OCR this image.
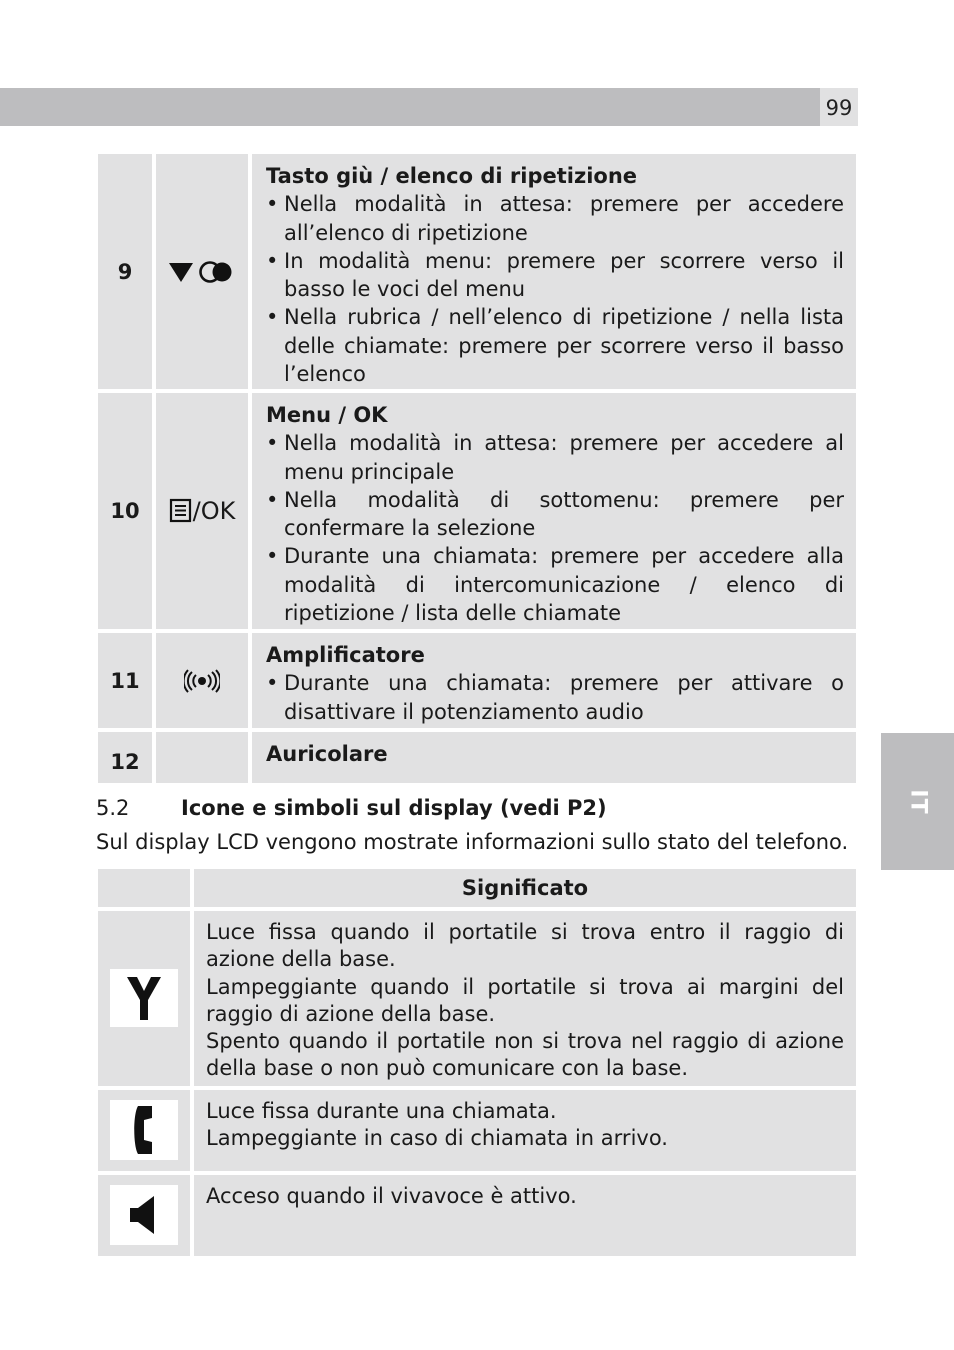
99
IT
9
Tasto giù / elenco di ripetizione
• Nella modalità in attesa: premere per accedere all’elenco di ripetizione
• In modalità menu: premere per scorrere verso il basso le voci del menu
• Nella rubrica / nell’elenco di ripetizione / nella lista delle chiamate: premere per scorrere verso il basso l’elenco
10	/OK
Menu / OK
• Nella modalità in attesa: premere per accedere al menu principale
• Nella modalità di sottomenu: premere per confermare la selezione
• Durante una chiamata: premere per accedere alla modalità di intercomunicazione / elenco di ripetizione / lista delle chiamate
11
Amplificatore
• Durante una chiamata: premere per attivare o disattivare il potenziamento audio
12	Auricolare
5.2 Icone e simboli sul display (vedi P2)
Sul display LCD vengono mostrate informazioni sullo stato del telefono.
Significato
Luce fissa quando il portatile si trova entro il raggio di azione della base.
Lampeggiante quando il portatile si trova ai margini del raggio di azione della base.
Spento quando il portatile non si trova nel raggio di azione della base o non può comunicare con la base.
Luce fissa durante una chiamata.
Lampeggiante in caso di chiamata in arrivo.
Acceso quando il vivavoce è attivo.
